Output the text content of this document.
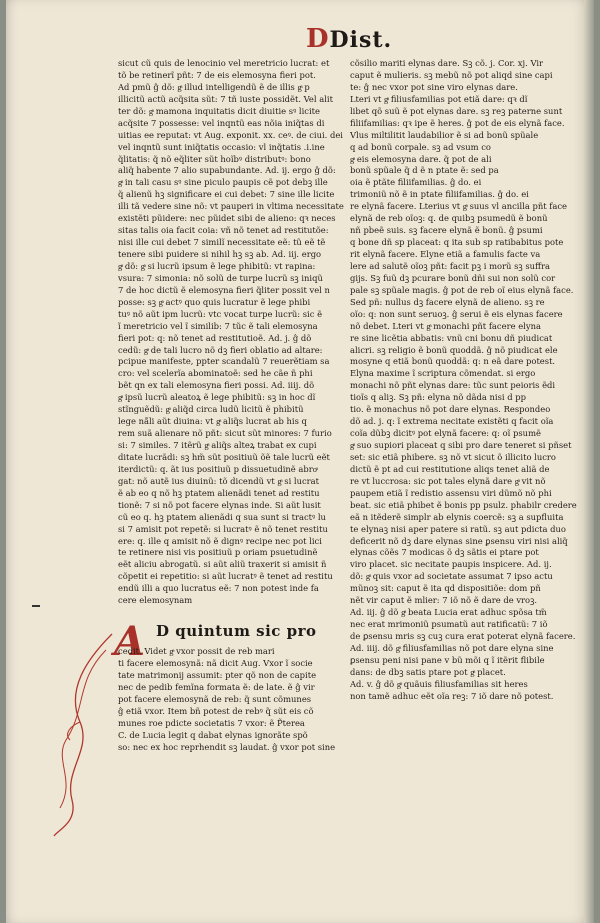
DDist.
sicut cũ quis de lenocinio vel meretricio lucrat: et
tõ be retinerĩ pñt: 7 de eis elemosyna fieri pot.
Ad pmũ ĝ dõ: gͣ illud intelligendũ ẽ de illis gͣ p
illicitũ actũ acq̃sita sũt: 7 tñ iuste possidẽt. Vel alit
ter dõ: gͣ mamona inquitatis dicit diuitie sꝰ licite
acq̃site 7 possesse: vel inqntũ eas nõia iniq̃tas di
uitias ee reputat: vt Aug. exponit. xx. ceꝰ. de ciui. dei
vel inqntũ sunt iniq̃tatis occasio: vl inq̃tatis .i.ine
q̃litatis: q̃ nõ eq̃liter sũt hoĩbꝰ distributꝰ: bono
aliq̃ habente 7 alio supabundante. Ad. ij. ergo ĝ dõ:
gͣ in tali casu sꝰ sine piculo paupis cẽ pot debꝫ ille
q̃ alienũ hꝫ significare ei cui debet: 7 sine ille licite
illi tã vedere sine nõ: vt pauperi in vltima necessitate
existẽti pũidere: nec pũidet sibi de alieno: qꝛ neces
sitas talis oia facit coia: vñ nõ tenet ad restitutõe:
nisi ille cui debet 7 similĩ necessitate eẽ: tũ eẽ tẽ
tenere sibi puidere si nihil hꝫ sꝫ ab. Ad. iij. ergo
gͣ dõ: gͣ si lucrũ ipsum ẽ lege phibitũ: vt rapina:
vsura: 7 simonia: nõ solũ de turpe lucrũ sꝫ iniqũ
7 de hoc dictũ ẽ elemosyna fieri q̃liter possit vel n
posse: sꝫ gͣ actꝰ quo quis lucratur ẽ lege phibi
tuꝰ nõ aũt ipm lucrũ: vtc vocat turpe lucrũ: sic ẽ
ĩ meretricio vel ĩ similib: 7 tũc ẽ tali elemosyna
fieri pot: q: nõ tenet ad restitutioẽ. Ad. j. ĝ dõ
cedũ: gͣ de tali lucro nõ dꝫ fieri oblatio ad altare:
pcipue manifeste, ppter scandalũ 7 reuerẽtiam sa
cro: vel scelerĩa abominatoẽ: sed he cãe ñ phi
bẽt qn ex tali elemosyna fieri possi. Ad. iiij. dõ
gͣ ipsũ lucrũ aleatoꝝ ẽ lege phibitũ: sꝫ in hoc dĩ
stĩnguẽdũ: gͣ aliq̃d circa ludũ licitũ ẽ phibitũ
lege nã̃li aũt diuina: vt gͣ aliq̃s lucrat ab his q
rem suã alienare nõ pñt: sicut sũt minores: 7 furio
si: 7 similes. 7 itẽrũ gͣ aliq̃s alteꝝ trabat ex cupi
ditate lucrãdi: sꝫ hm̃ sũt positiuũ õẽ tale lucrũ eẽt
iterdictũ: q. ãt ius positiuũ p dissuetudinẽ abroͣ
gat: nõ autẽ ius diuinũ: tõ dicendũ vt gͣ si lucrat
ẽ ab eo q nõ hꝫ ptatem alienãdi tenet ad restitu
tionẽ: 7 si nõ pot facere elynas inde. Si aũt lusit
cũ eo q. hꝫ ptatem alienãdi q sua sunt si tractꝰ lu
si 7 amisit pot repetẽ: si lucratꝰ ẽ nõ tenet restitu
ere: q. ille q amisit nõ ẽ dignꝰ recipe nec pot lici
te retinere nisi vis positiuũ p oriam psuetudinẽ
eẽt aliciu abrogatũ. si aũt aliũ traxerit si amisit ñ
cõpetit ei repetitio: si aũt lucratꝰ ẽ tenet ad restitu
endũ illi a quo lucratus eẽ: 7 non potest inde fa
cere elemosynam
A D quintum sic pro
cedit. Videt gͣ vxor possit de reb mari
ti facere elemosynã: nã dicit Aug. Vxor ĩ socie
tate matrimonij assumit: pter qõ non de capite
nec de pedib femĩna formata ẽ: de late. ẽ ĝ vir
pot facere elemosynã de reb: q̃ sunt cõmunes
ĝ etiã vxor. Item bñ potest de rebꝰ q̃ sũt eis cõ
munes roe pdicte societatis 7 vxor: ẽ P̃terea
C. de Lucia legit q dabat elynas ignorãte spõ
so: nec ex hoc reprhendit sꝫ laudat. ĝ vxor pot sine
cõsilio mariti elynas dare. Sꝫ cõ. j. Cor. xj. Vir
caput ẽ mulieris. sꝫ mebũ nõ pot aliqd sine capi
te: ĝ nec vxor pot sine viro elynas dare.
Lteri vt gͣ filiusfamilias pot etiã dare: qꝛ dĩ
libet qõ suũ ẽ pot elynas dare. sꝫ reꝫ paterne sunt
filiifamilias: qꝛ ipe ẽ heres. ĝ pot de eis elynã face.
Vlus miltilitit laudabilior ẽ si ad bonũ spũale
q ad bonũ corpale. sꝫ ad vsum co
gͣ eis elemosyna dare. q̃ pot de ali
bonũ spũale q̃ d ẽ n ptate ẽ: sed pa
oia ẽ ptãte filiifamilias. ĝ do. ei
trimoniũ nõ ẽ in ptate filiifamilias. ĝ do. ei
re elynã facere. Lterius vt gͣ suus vl ancilla pñt face
elynã de reb oĩoꝫ: q. de quibꝫ psumedũ ẽ bonũ
nñ pbeẽ suis. sꝫ facere elynã ẽ bonũ. ĝ psumi
q bone dñ sp placeat: q ita sub sp ratibabitus pote
rit elynã facere. Elyne etiã a famulis facte va
lere ad salutẽ oĩoꝫ pñt: facit pꝫ i morũ sꝫ suffra
gijs. Sꝫ fuũ dꝫ pcurare bonũ dñi sui non solũ cor
pale sꝫ spũale magis. ĝ pot de reb oĩ eius elynã face.
Sed pñ: nullus dꝫ facere elynã de alieno. sꝫ re
oĩo: q: non sunt seruoꝫ. ĝ serui ẽ eis elynas facere
nõ debet. Lteri vt gͣ monachi pñt facere elyna
re sine licẽtia abbatis: vnũ cni bonu dñ piudicat
alicri. sꝫ religio ẽ bonũ quoddã. ĝ nõ piudicat ele
mosyne q etiã bonũ quoddã: q: n eã dare potest.
Elyna maxime ĩ scriptura cõmendat. si ergo
monachi nõ pñt elynas dare: tũc sunt peioris ẽdi
tioĩs q aliꝫ. Sꝫ pñ: elyna nõ dãda nisi d pp
tio. ẽ monachus nõ pot dare elynas. Respondeo
dõ ad. j. q: ĩ extrema necitate existẽti q facit oĩa
coĩa dũbꝫ dicitꝰ pot elynã facere: q: oĩ psumẽ
gͣ suo supiori placeat q sibi pro dare teneret si pñset
set: sic etiã phibere. sꝫ nõ vt sicut õ illicito lucro
dictũ ẽ pt ad cui restitutione aliqs tenet aliã de
re vt luccrosa: sic pot tales elynã dare gͣ vit nõ
paupem etiã ĩ redistio assensu viri dũmõ nõ phi
beat. sic etiã phibet ẽ bonis pp psulz. phabilr credere
eã n itẽderẽ simplr ab elynis coercẽ: sꝫ a supfluita
te elynaꝫ nisi aper patere si ratũ. sꝫ aut pdicta duo
deficerit nõ dꝫ dare elynas sine ꝑsensu viri nisi aliq̃
elynas cõẽs 7 modicas õ dꝫ sãtis ei ptare pot
viro placet. sic necitate paupis inspicere. Ad. ij.
dõ: gͣ quis vxor ad societate assumat 7 ipso actu
mũnoꝫ sit: caput ẽ ita qd dispositiõe: dom pñ
nẽt vir caput ẽ mlier: 7 iõ nõ ẽ dare de vroꝫ.
Ad. iij. ĝ dõ gͣ beata Lucia erat adhuc spõsa tm̃
nec erat mrimoniũ psumatũ aut ratificatũ: 7 iõ
de ꝑsensu mris sꝫ cuꝫ cura erat poterat elynã facere.
Ad. iiij. dõ gͣ filiusfamilias nõ pot dare elyna sine
ꝑsensu peni nisi pane v bũ mõi q ĩ itẽrit flibile
dans: de dbꝫ satis ptare pot gͣ placet.
Ad. v. ĝ dõ gͣ quãuis filiusfamilias sit heres
non tamẽ adhuc eẽt oĩa reꝫ: 7 iõ dare nõ potest.
